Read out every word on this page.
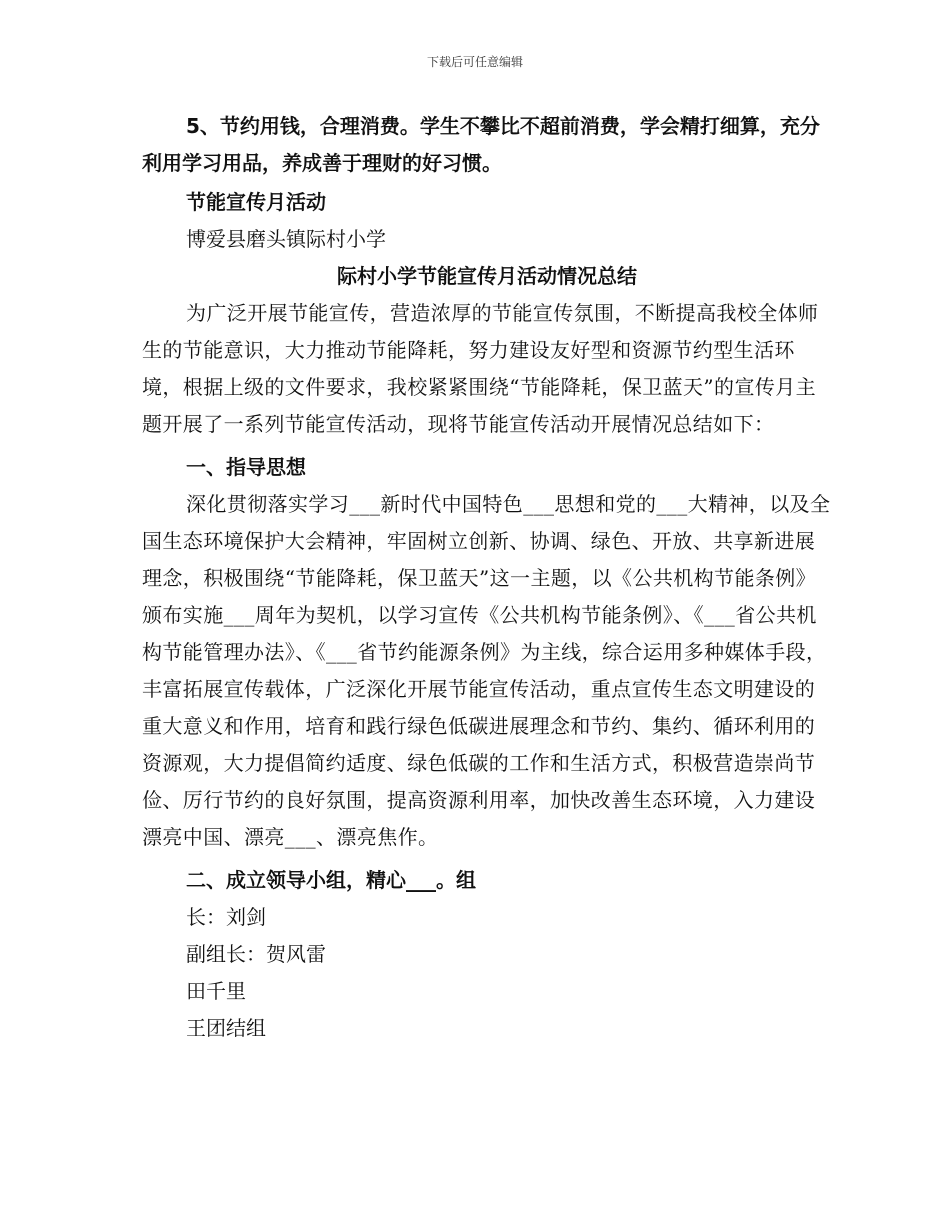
下载后可任意编辑

5、节约用钱，合理消费。学生不攀比不超前消费，学会精打细算，充分利用学习用品，养成善于理财的好习惯。

节能宣传月活动

博爱县磨头镇际村小学

际村小学节能宣传月活动情况总结

为广泛开展节能宣传，营造浓厚的节能宣传氛围，不断提高我校全体师生的节能意识，大力推动节能降耗，努力建设友好型和资源节约型生活环境，根据上级的文件要求，我校紧紧围绕“节能降耗，保卫蓝天”的宣传月主题开展了一系列节能宣传活动，现将节能宣传活动开展情况总结如下：

一、指导思想

深化贯彻落实学习___新时代中国特色___思想和党的___大精神，以及全国生态环境保护大会精神，牢固树立创新、协调、绿色、开放、共享新进展理念，积极围绕“节能降耗，保卫蓝天”这一主题，以《公共机构节能条例》颁布实施___周年为契机，以学习宣传《公共机构节能条例》、《___省公共机构节能管理办法》、《___省节约能源条例》为主线，综合运用多种媒体手段，丰富拓展宣传载体，广泛深化开展节能宣传活动，重点宣传生态文明建设的重大意义和作用，培育和践行绿色低碳进展理念和节约、集约、循环利用的资源观，大力提倡简约适度、绿色低碳的工作和生活方式，积极营造崇尚节俭、厉行节约的良好氛围，提高资源利用率，加快改善生态环境，入力建设漂亮中国、漂亮___、漂亮焦作。

二、成立领导小组，精心___。组

长：刘剑

副组长：贺风雷

田千里

王团结组
